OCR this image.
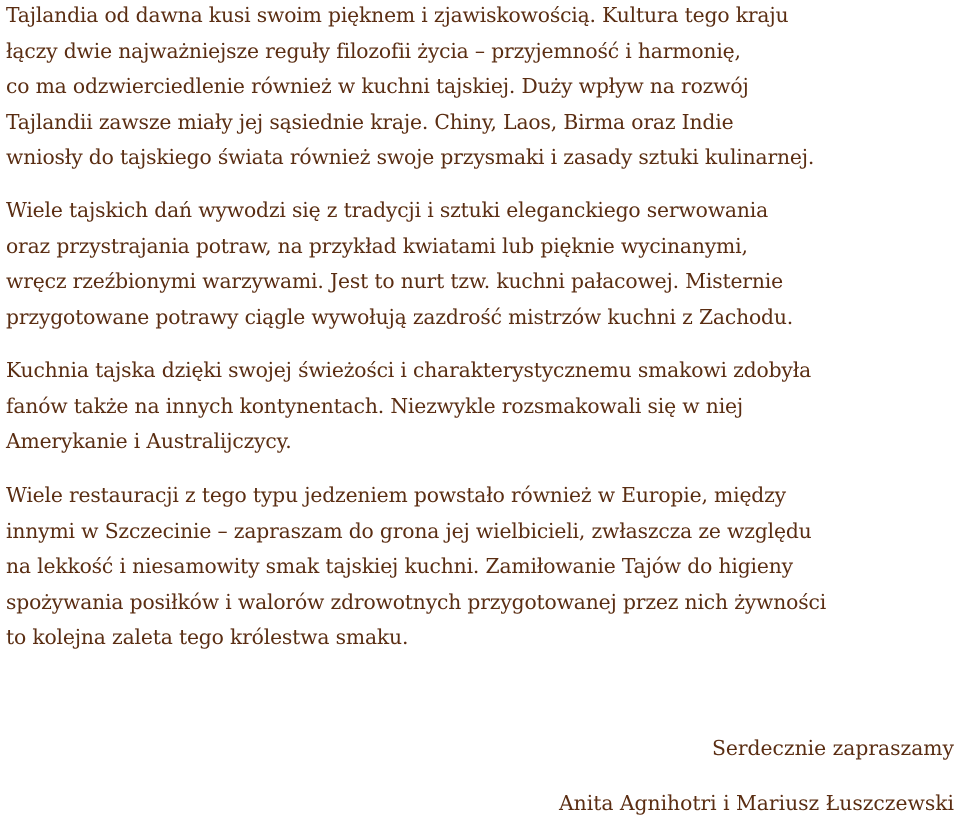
Tajlandia od dawna kusi swoim pięknem i zjawiskowością. Kultura tego kraju
łączy dwie najważniejsze reguły filozofii życia – przyjemność i harmonię,
co ma odzwierciedlenie również w kuchni tajskiej. Duży wpływ na rozwój
Tajlandii zawsze miały jej sąsiednie kraje. Chiny, Laos, Birma oraz Indie
wniosły do tajskiego świata również swoje przysmaki i zasady sztuki kulinarnej.

Wiele tajskich dań wywodzi się z tradycji i sztuki eleganckiego serwowania
oraz przystrajania potraw, na przykład kwiatami lub pięknie wycinanymi,
wręcz rzeźbionymi warzywami. Jest to nurt tzw. kuchni pałacowej. Misternie
przygotowane potrawy ciągle wywołują zazdrość mistrzów kuchni z Zachodu.

Kuchnia tajska dzięki swojej świeżości i charakterystycznemu smakowi zdobyła
fanów także na innych kontynentach. Niezwykle rozsmakowali się w niej
Amerykanie i Australijczycy.

Wiele restauracji z tego typu jedzeniem powstało również w Europie, między
innymi w Szczecinie – zapraszam do grona jej wielbicieli, zwłaszcza ze względu
na lekkość i niesamowity smak tajskiej kuchni. Zamiłowanie Tajów do higieny
spożywania posiłków i walorów zdrowotnych przygotowanej przez nich żywności
to kolejna zaleta tego królestwa smaku.

Serdecznie zapraszamy

Anita Agnihotri i Mariusz Łuszczewski
